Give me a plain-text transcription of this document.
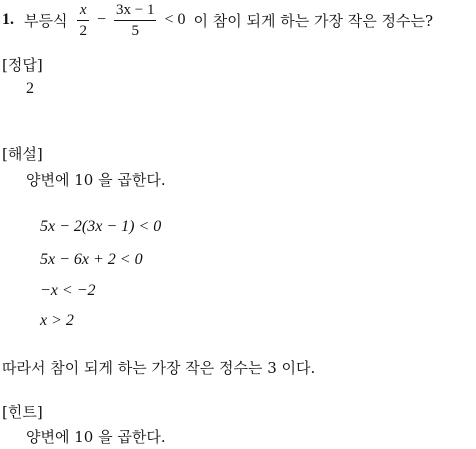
1. 부등식 $\frac{x}{2} - \frac{3x - 1}{5} < 0$ 이 참이 되게 하는 가장 작은 정수는?
[정답]
2
[해설]
양변에 10 을 곱한다.
5x − 2(3x − 1) < 0
5x − 6x + 2 < 0
−x < −2
x > 2
따라서 참이 되게 하는 가장 작은 정수는 3 이다.
[힌트]
양변에 10 을 곱한다.
